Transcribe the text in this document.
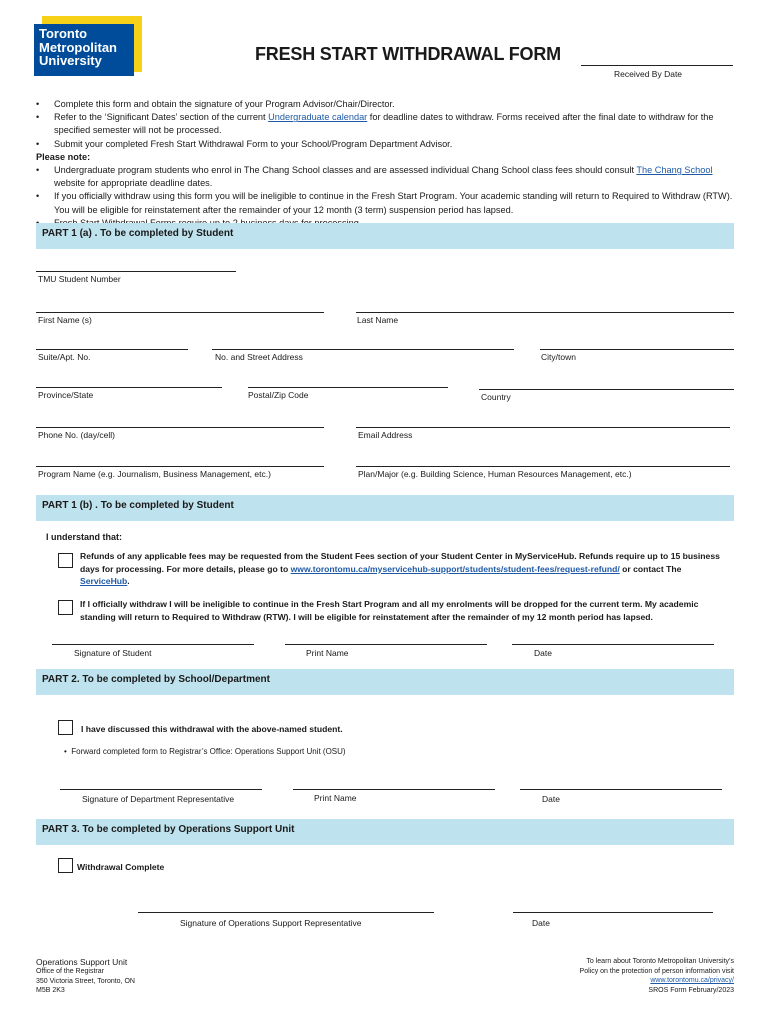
Toronto
Metropolitan
University	FRESH START WITHDRAWAL FORM
Received By Date
• Complete this form and obtain the signature of your Program Advisor/Chair/Director.
• Refer to the ‘Significant Dates’ section of the current Undergraduate calendar for deadline dates to withdraw. Forms received after the final date to withdraw for the specified semester will not be processed.
• Submit your completed Fresh Start Withdrawal Form to your School/Program Department Advisor.
Please note:
• Undergraduate program students who enrol in The Chang School classes and are assessed individual Chang School class fees should consult The Chang School website for appropriate deadline dates.
• If you officially withdraw using this form you will be ineligible to continue in the Fresh Start Program. Your academic standing will return to Required to Withdraw (RTW). You will be eligible for reinstatement after the remainder of your 12 month (3 term) suspension period has lapsed.
•
PART 1 (a) . To be completed by Student
TMU Student Number
First Name (s)	Last Name
Suite/Apt. No.	No. and Street Address	City/town
Province/State	Postal/Zip Code	Country
Phone No. (day/cell)	Email Address
Program Name (e.g. Journalism, Business Management, etc.)	Plan/Major (e.g. Building Science, Human Resources Management, etc.)
PART 1 (b) . To be completed by Student
I understand that:
Refunds of any applicable fees may be requested from the Student Fees section of your Student Center in MyServiceHub. Refunds require up to 15 business days for processing. For more details, please go to www.torontomu.ca/myservicehub-support/students/student-fees/request-refund/ or contact The ServiceHub.
If I officially withdraw I will be ineligible to continue in the Fresh Start Program and all my enrolments will be dropped for the current term. My academic standing will return to Required to Withdraw (RTW). I will be eligible for reinstatement after the remainder of my 12 month period has lapsed.
Signature of Student	Print Name	Date
PART 2. To be completed by School/Department
I have discussed this withdrawal with the above-named student.
•  Forward completed form to Registrar’s Office: Operations Support Unit (OSU)
Signature of Department Representative	Print Name	Date
PART 3. To be completed by Operations Support Unit
Withdrawal Complete
Signature of Operations Support Representative	Date
Operations Support Unit
Office of the Registrar
350 Victoria Street, Toronto, ON
M5B 2K3
To learn about Toronto Metropolitan University’s
Policy on the protection of person information visit
www.torontomu.ca/privacy/
SROS Form February/2023
